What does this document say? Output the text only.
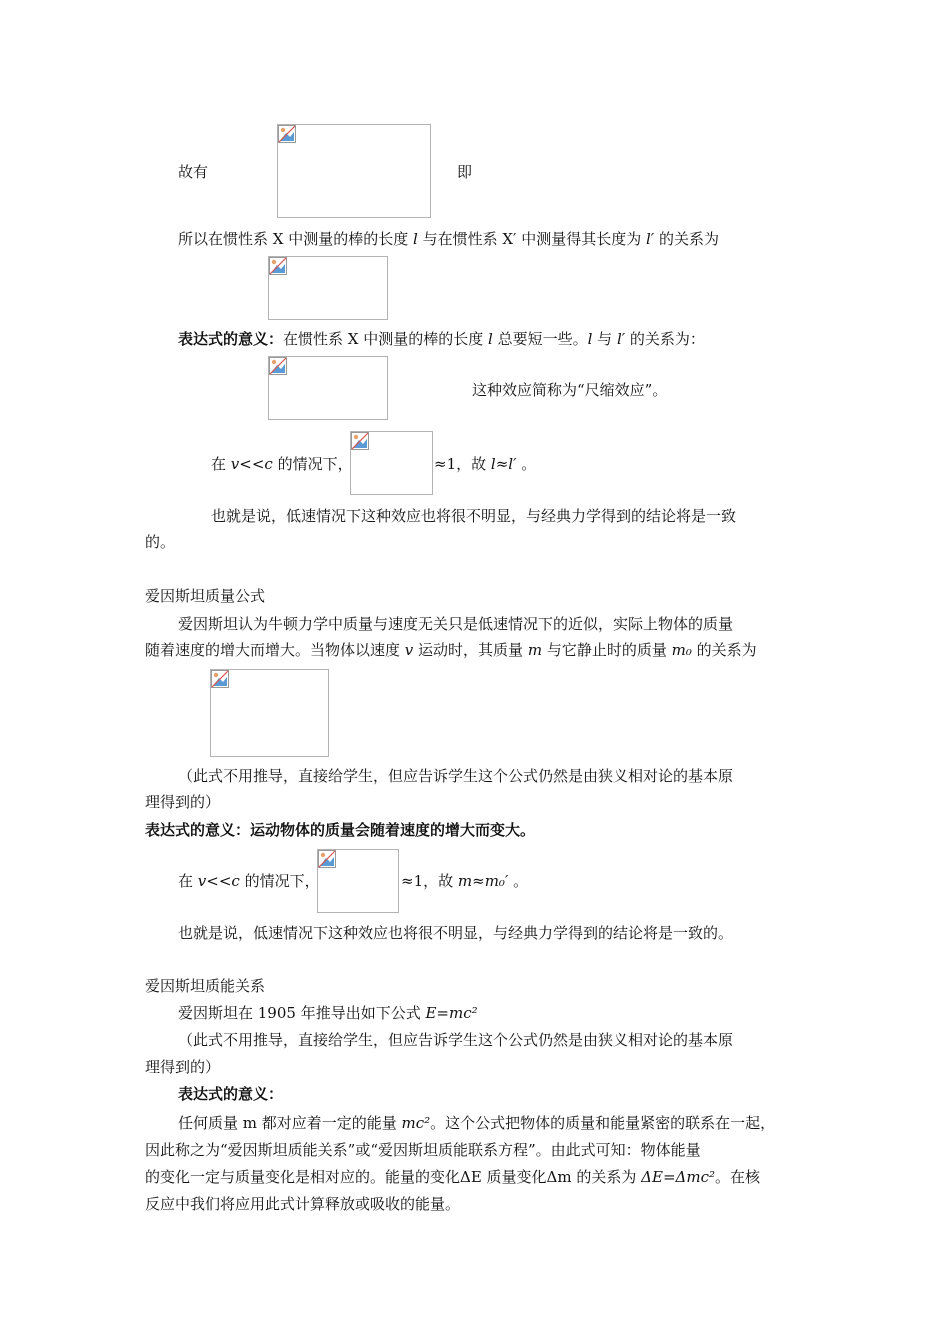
故有	即
所以在惯性系 X 中测量的棒的长度 l 与在惯性系 X′ 中测量得其长度为 l′ 的关系为
表达式的意义：在惯性系 X 中测量的棒的长度 l 总要短一些。l 与 l′ 的关系为：
这种效应简称为“尺缩效应”。
在 v<<c 的情况下，	≈1，故 l≈l′ 。
也就是说，低速情况下这种效应也将很不明显，与经典力学得到的结论将是一致
的。
爱因斯坦质量公式
爱因斯坦认为牛顿力学中质量与速度无关只是低速情况下的近似，实际上物体的质量
随着速度的增大而增大。当物体以速度 v 运动时，其质量 m 与它静止时的质量 m₀ 的关系为
（此式不用推导，直接给学生，但应告诉学生这个公式仍然是由狭义相对论的基本原
理得到的）
表达式的意义：运动物体的质量会随着速度的增大而变大。
在 v<<c 的情况下，	≈1，故 m≈m₀′ 。
也就是说，低速情况下这种效应也将很不明显，与经典力学得到的结论将是一致的。
爱因斯坦质能关系
爱因斯坦在 1905 年推导出如下公式 E=mc²
（此式不用推导，直接给学生，但应告诉学生这个公式仍然是由狭义相对论的基本原
理得到的）
表达式的意义：
任何质量 m 都对应着一定的能量 mc²。这个公式把物体的质量和能量紧密的联系在一起，
因此称之为“爱因斯坦质能关系”或“爱因斯坦质能联系方程”。由此式可知：物体能量
的变化一定与质量变化是相对应的。能量的变化ΔE 质量变化Δm 的关系为 ΔE=Δmc²。在核
反应中我们将应用此式计算释放或吸收的能量。
